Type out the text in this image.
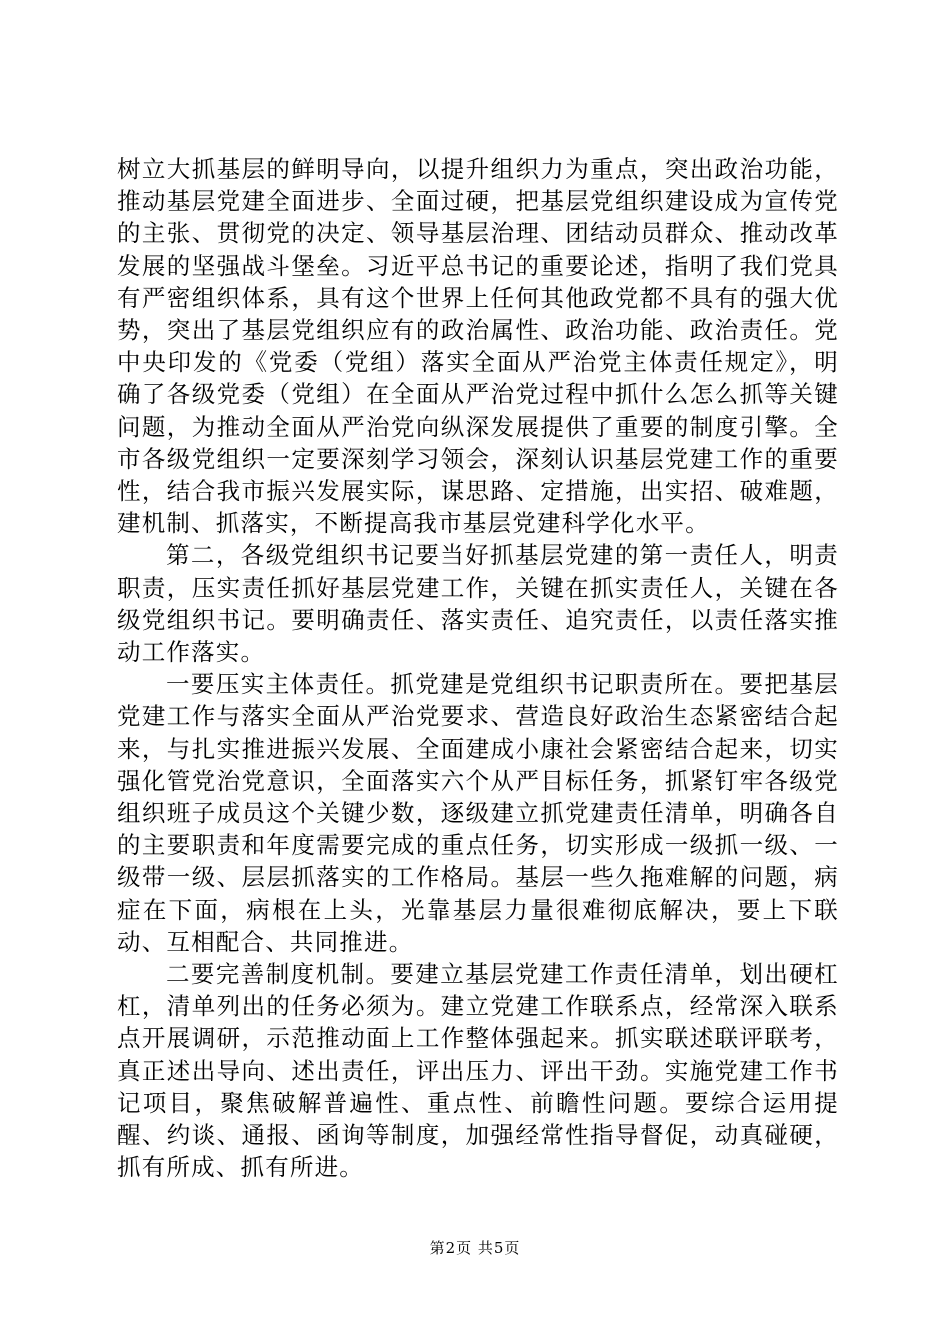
树立大抓基层的鲜明导向，以提升组织力为重点，突出政治功能，推动基层党建全面进步、全面过硬，把基层党组织建设成为宣传党的主张、贯彻党的决定、领导基层治理、团结动员群众、推动改革发展的坚强战斗堡垒。习近平总书记的重要论述，指明了我们党具有严密组织体系，具有这个世界上任何其他政党都不具有的强大优势，突出了基层党组织应有的政治属性、政治功能、政治责任。党中央印发的《党委（党组）落实全面从严治党主体责任规定》，明确了各级党委（党组）在全面从严治党过程中抓什么怎么抓等关键问题，为推动全面从严治党向纵深发展提供了重要的制度引擎。全市各级党组织一定要深刻学习领会，深刻认识基层党建工作的重要性，结合我市振兴发展实际，谋思路、定措施，出实招、破难题，建机制、抓落实，不断提高我市基层党建科学化水平。

第二，各级党组织书记要当好抓基层党建的第一责任人，明责职责，压实责任抓好基层党建工作，关键在抓实责任人，关键在各级党组织书记。要明确责任、落实责任、追究责任，以责任落实推动工作落实。

一要压实主体责任。抓党建是党组织书记职责所在。要把基层党建工作与落实全面从严治党要求、营造良好政治生态紧密结合起来，与扎实推进振兴发展、全面建成小康社会紧密结合起来，切实强化管党治党意识，全面落实六个从严目标任务，抓紧钉牢各级党组织班子成员这个关键少数，逐级建立抓党建责任清单，明确各自的主要职责和年度需要完成的重点任务，切实形成一级抓一级、一级带一级、层层抓落实的工作格局。基层一些久拖难解的问题，病症在下面，病根在上头，光靠基层力量很难彻底解决，要上下联动、互相配合、共同推进。

二要完善制度机制。要建立基层党建工作责任清单，划出硬杠杠，清单列出的任务必须为。建立党建工作联系点，经常深入联系点开展调研，示范推动面上工作整体强起来。抓实联述联评联考，真正述出导向、述出责任，评出压力、评出干劲。实施党建工作书记项目，聚焦破解普遍性、重点性、前瞻性问题。要综合运用提醒、约谈、通报、函询等制度，加强经常性指导督促，动真碰硬，抓有所成、抓有所进。

第2页 共5页
